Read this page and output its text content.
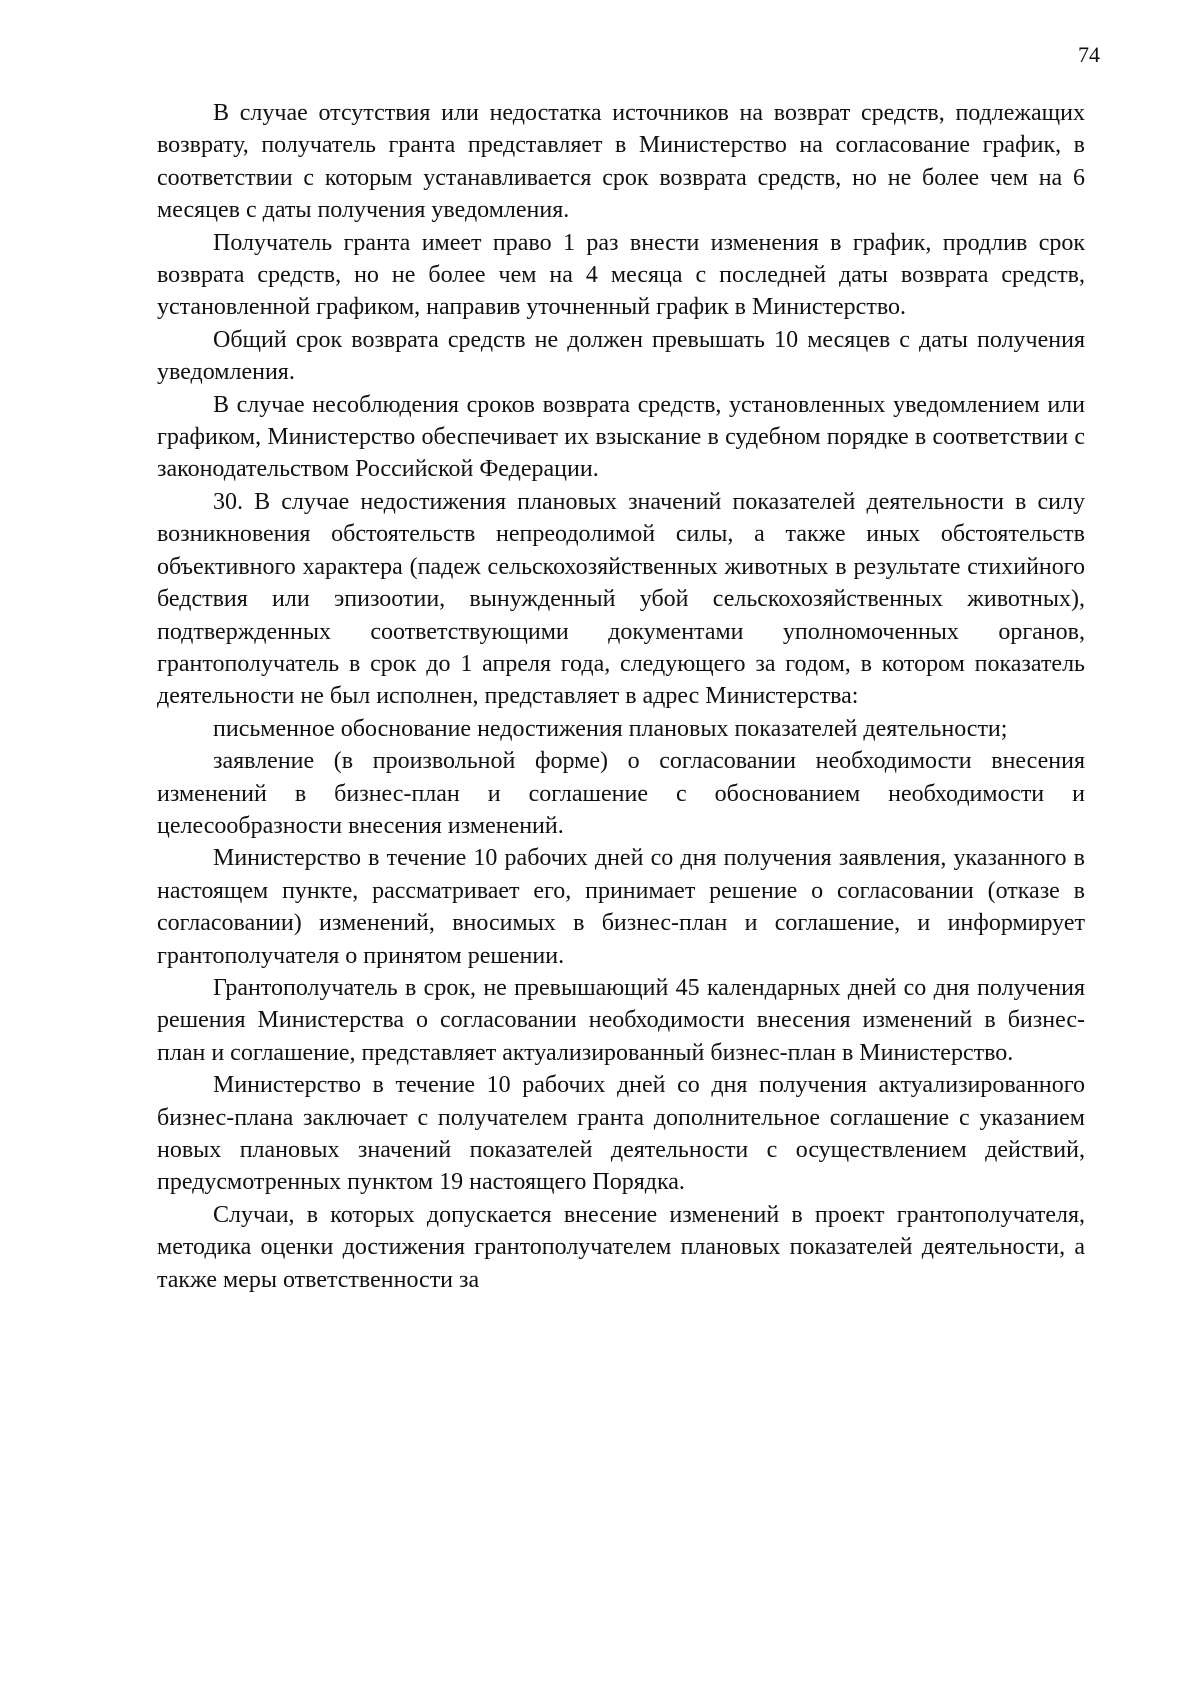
74

В случае отсутствия или недостатка источников на возврат средств, подлежащих возврату, получатель гранта представляет в Министерство на согласование график, в соответствии с которым устанавливается срок возврата средств, но не более чем на 6 месяцев с даты получения уведомления.

Получатель гранта имеет право 1 раз внести изменения в график, продлив срок возврата средств, но не более чем на 4 месяца с последней даты возврата средств, установленной графиком, направив уточненный график в Министерство.

Общий срок возврата средств не должен превышать 10 месяцев с даты получения уведомления.

В случае несоблюдения сроков возврата средств, установленных уведомлением или графиком, Министерство обеспечивает их взыскание в судебном порядке в соответствии с законодательством Российской Федерации.

30. В случае недостижения плановых значений показателей деятельности в силу возникновения обстоятельств непреодолимой силы, а также иных обстоятельств объективного характера (падеж сельскохозяйственных животных в результате стихийного бедствия или эпизоотии, вынужденный убой сельскохозяйственных животных), подтвержденных соответствующими документами уполномоченных органов, грантополучатель в срок до 1 апреля года, следующего за годом, в котором показатель деятельности не был исполнен, представляет в адрес Министерства:

письменное обоснование недостижения плановых показателей деятельности;

заявление (в произвольной форме) о согласовании необходимости внесения изменений в бизнес-план и соглашение с обоснованием необходимости и целесообразности внесения изменений.

Министерство в течение 10 рабочих дней со дня получения заявления, указанного в настоящем пункте, рассматривает его, принимает решение о согласовании (отказе в согласовании) изменений, вносимых в бизнес-план и соглашение, и информирует грантополучателя о принятом решении.

Грантополучатель в срок, не превышающий 45 календарных дней со дня получения решения Министерства о согласовании необходимости внесения изменений в бизнес-план и соглашение, представляет актуализированный бизнес-план в Министерство.

Министерство в течение 10 рабочих дней со дня получения актуализированного бизнес-плана заключает с получателем гранта дополнительное соглашение с указанием новых плановых значений показателей деятельности с осуществлением действий, предусмотренных пунктом 19 настоящего Порядка.

Случаи, в которых допускается внесение изменений в проект грантополучателя, методика оценки достижения грантополучателем плановых показателей деятельности, а также меры ответственности за
